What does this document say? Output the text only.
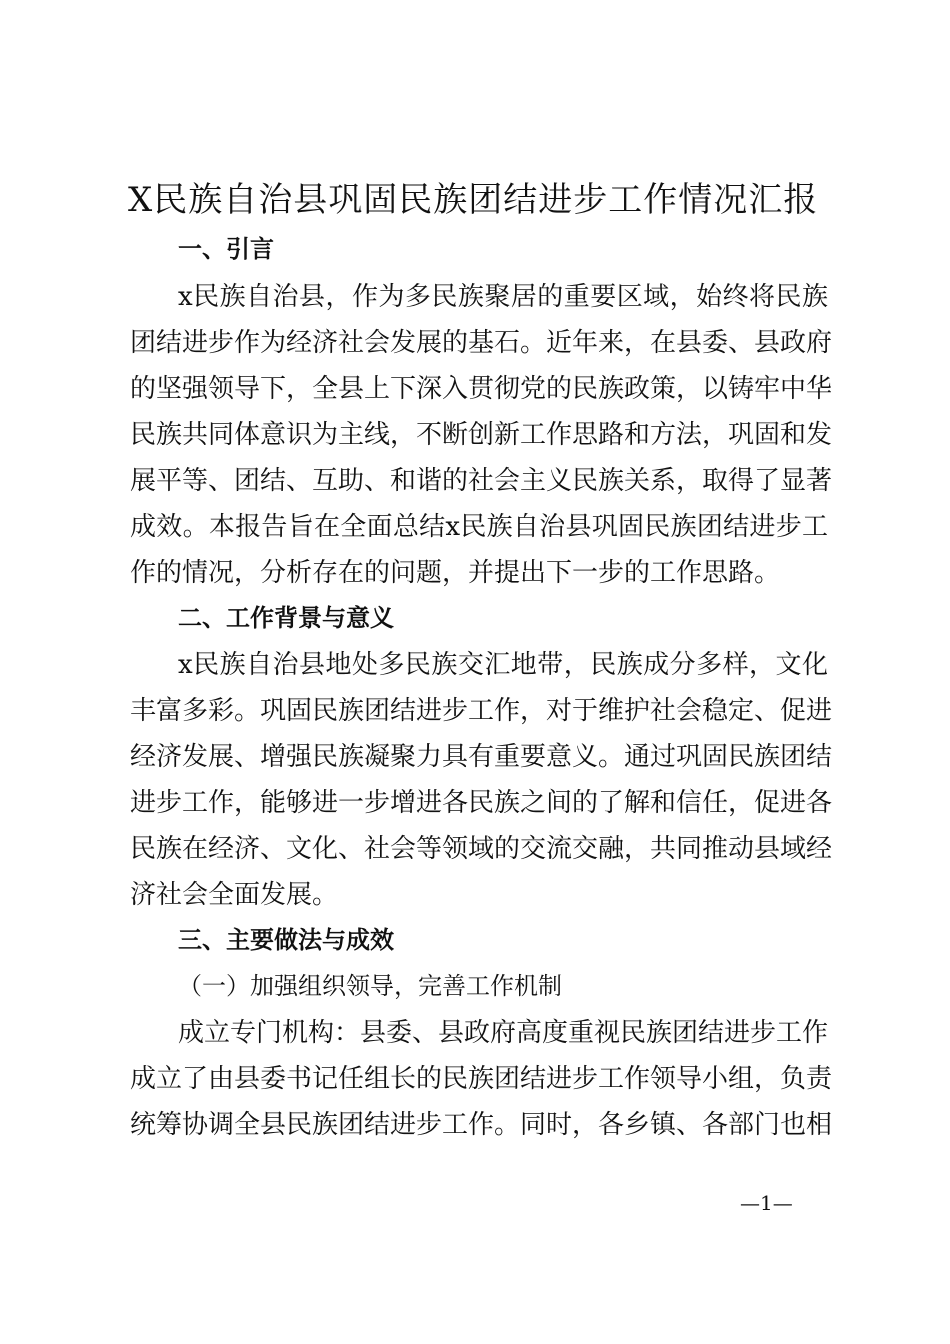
X民族自治县巩固民族团结进步工作情况汇报
一、引言
x民族自治县，作为多民族聚居的重要区域，始终将民族
团结进步作为经济社会发展的基石。近年来，在县委、县政府
的坚强领导下，全县上下深入贯彻党的民族政策，以铸牢中华
民族共同体意识为主线，不断创新工作思路和方法，巩固和发
展平等、团结、互助、和谐的社会主义民族关系，取得了显著
成效。本报告旨在全面总结x民族自治县巩固民族团结进步工
作的情况，分析存在的问题，并提出下一步的工作思路。
二、工作背景与意义
x民族自治县地处多民族交汇地带，民族成分多样，文化
丰富多彩。巩固民族团结进步工作，对于维护社会稳定、促进
经济发展、增强民族凝聚力具有重要意义。通过巩固民族团结
进步工作，能够进一步增进各民族之间的了解和信任，促进各
民族在经济、文化、社会等领域的交流交融，共同推动县域经
济社会全面发展。
三、主要做法与成效
（一）加强组织领导，完善工作机制
成立专门机构：县委、县政府高度重视民族团结进步工作
成立了由县委书记任组长的民族团结进步工作领导小组，负责
统筹协调全县民族团结进步工作。同时，各乡镇、各部门也相
—1—
